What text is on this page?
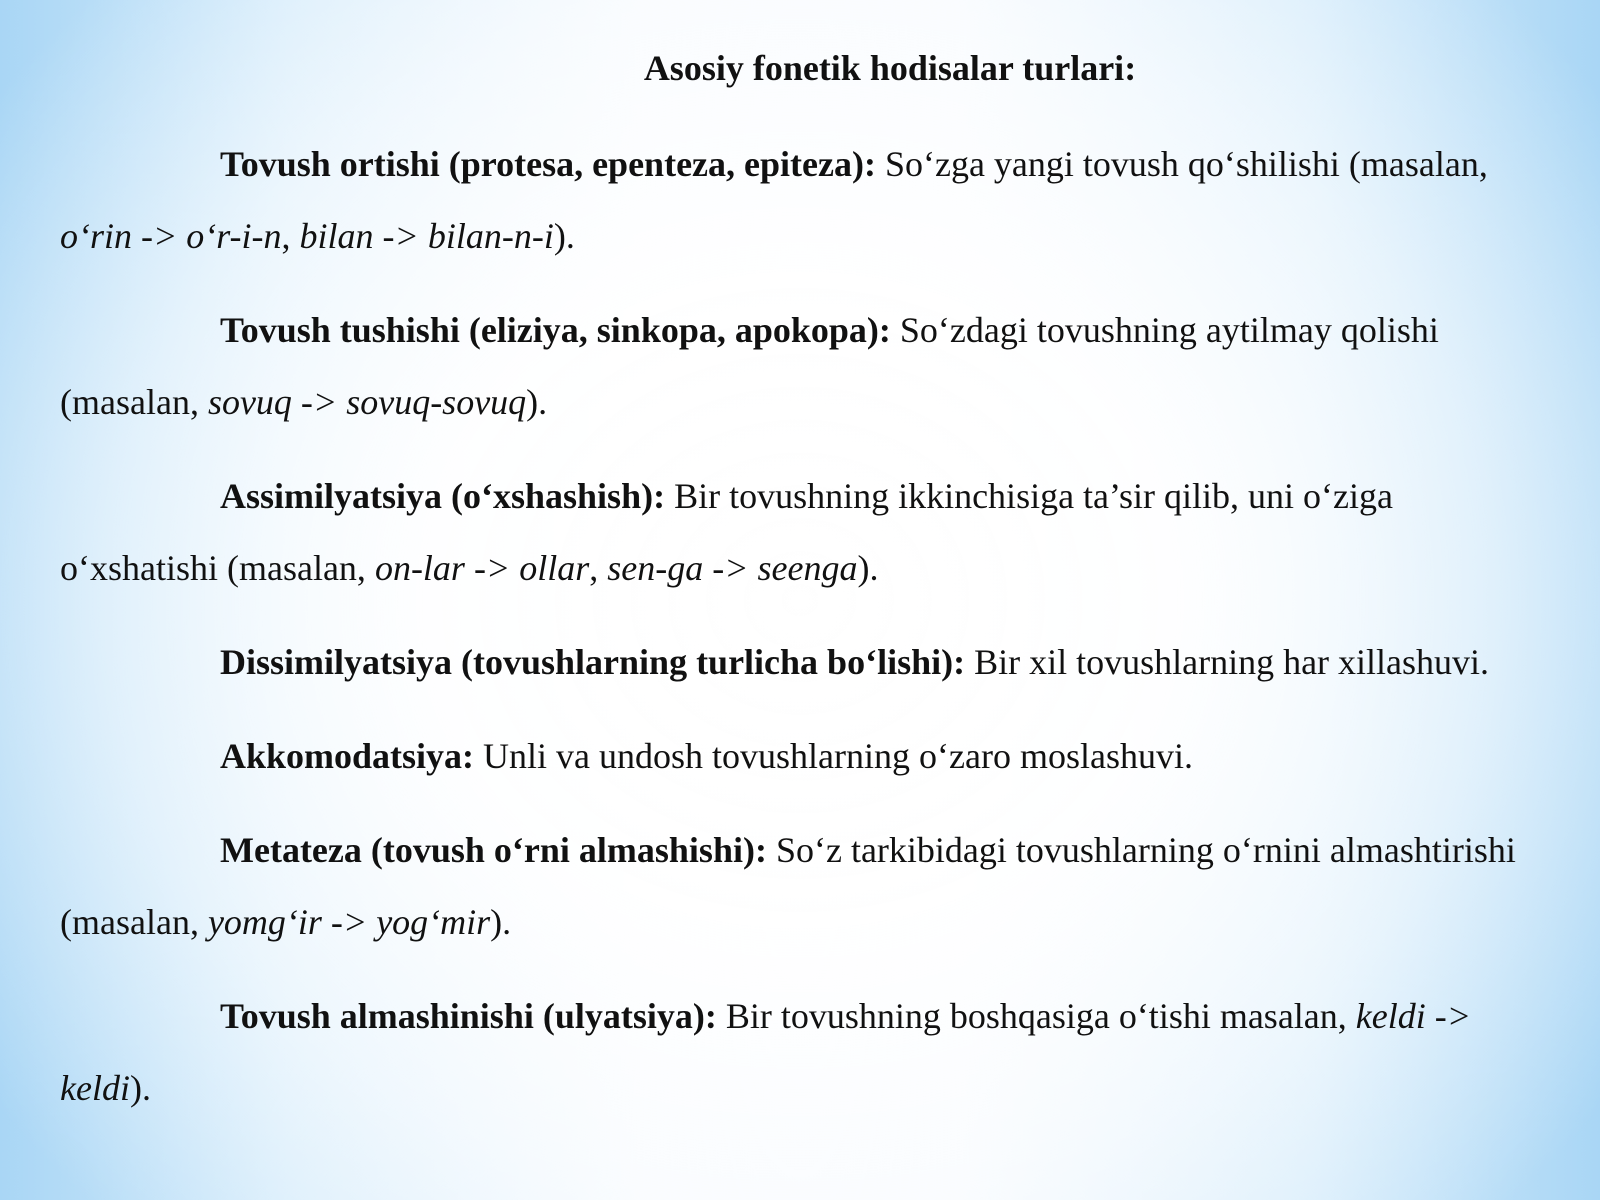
Asosiy fonetik hodisalar turlari:

Tovush ortishi (protesa, epenteza, epiteza): So‘zga yangi tovush qo‘shilishi (masalan, o‘rin -> o‘r-i-n, bilan -> bilan-n-i).

Tovush tushishi (eliziya, sinkopa, apokopa): So‘zdagi tovushning aytilmay qolishi (masalan, sovuq -> sovuq-sovuq).

Assimilyatsiya (o‘xshashish): Bir tovushning ikkinchisiga ta’sir qilib, uni o‘ziga o‘xshatishi (masalan, on-lar -> ollar, sen-ga -> seenga).

Dissimilyatsiya (tovushlarning turlicha bo‘lishi): Bir xil tovushlarning har xillashuvi.

Akkomodatsiya: Unli va undosh tovushlarning o‘zaro moslashuvi.

Metateza (tovush o‘rni almashishi): So‘z tarkibidagi tovushlarning o‘rnini almashtirishi (masalan, yomg‘ir -> yog‘mir).

Tovush almashinishi (ulyatsiya): Bir tovushning boshqasiga o‘tishi masalan, keldi -> keldi).
